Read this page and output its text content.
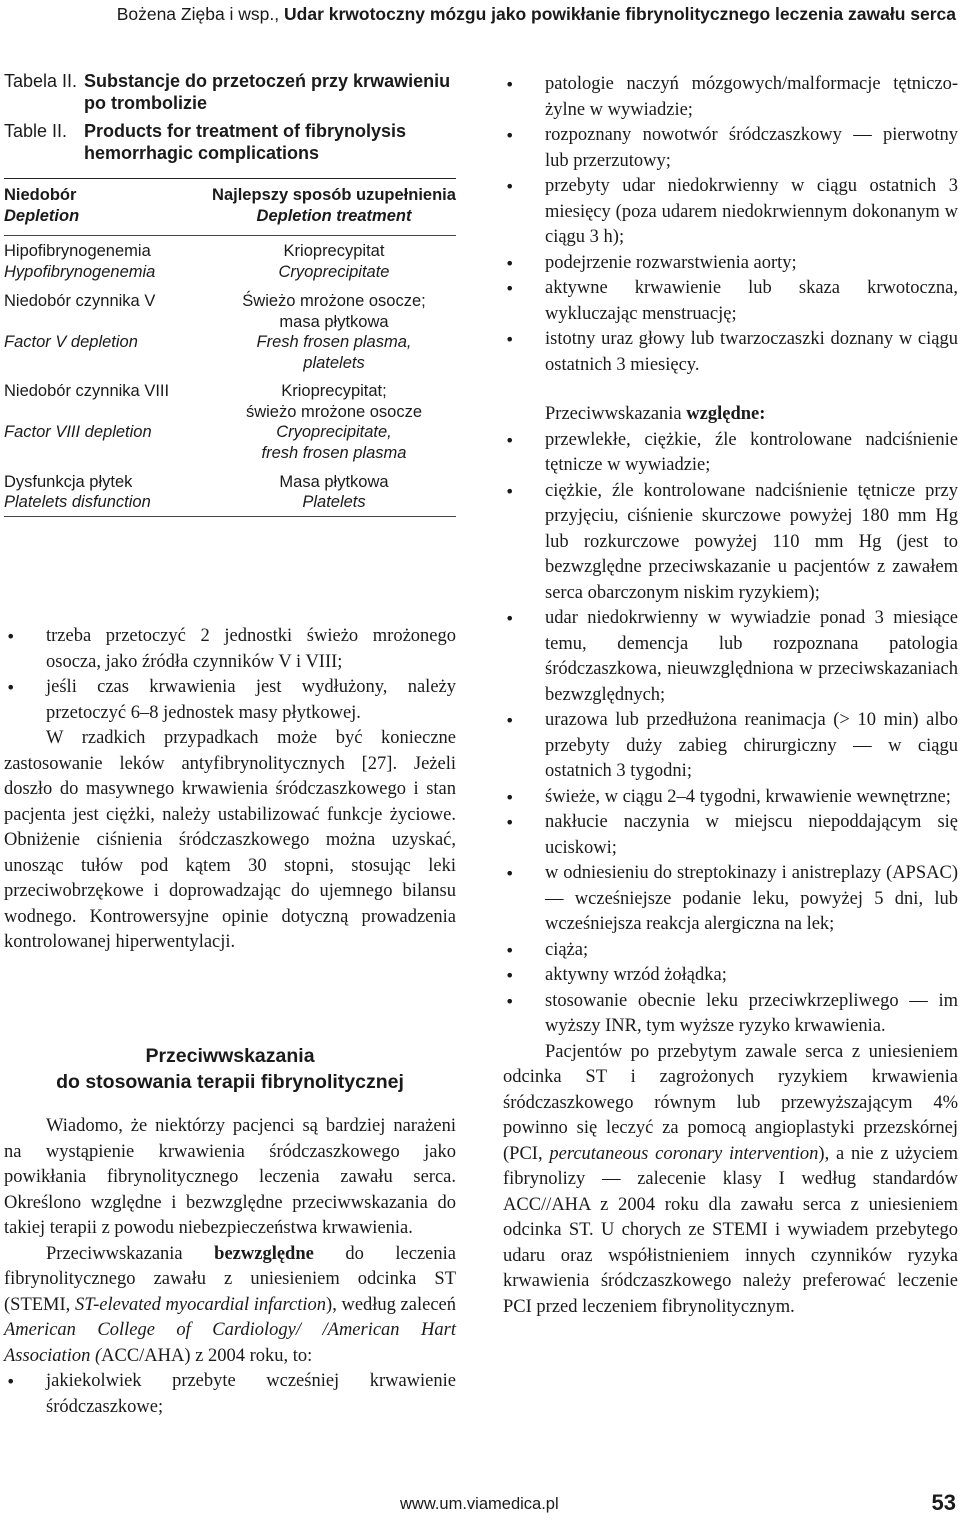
Bożena Zięba i wsp., Udar krwotoczny mózgu jako powikłanie fibrynolitycznego leczenia zawału serca
Tabela II. Substancje do przetoczeń przy krwawieniu po trombolizie
Table II. Products for treatment of fibrynolysis hemorrhagic complications
Niedobór
Depletion
Najlepszy sposób uzupełnienia
Depletion treatment
Hipofibrynogenemia
Hypofibrynogenemia
Krioprecypitat
Cryoprecipitate
Niedobór czynnika V
Factor V depletion
Świeżo mrożone osocze;
masa płytkowa
Fresh frosen plasma,
platelets
Niedobór czynnika VIII
Factor VIII depletion
Krioprecypitat;
świeżo mrożone osocze
Cryoprecipitate,
fresh frosen plasma
Dysfunkcja płytek
Platelets disfunction
Masa płytkowa
Platelets
• trzeba przetoczyć 2 jednostki świeżo mrożonego osocza, jako źródła czynników V i VIII;
• jeśli czas krwawienia jest wydłużony, należy przetoczyć 6–8 jednostek masy płytkowej.

W rzadkich przypadkach może być konieczne zastosowanie leków antyfibrynolitycznych [27]. Jeżeli doszło do masywnego krwawienia śródczaszkowego i stan pacjenta jest ciężki, należy ustabilizować funkcje życiowe. Obniżenie ciśnienia śródczaszkowego można uzyskać, unosząc tułów pod kątem 30 stopni, stosując leki przeciwobrzękowe i doprowadzając do ujemnego bilansu wodnego. Kontrowersyjne opinie dotyczną prowadzenia kontrolowanej hiperwentylacji.

Przeciwwskazania
do stosowania terapii fibrynolitycznej

Wiadomo, że niektórzy pacjenci są bardziej narażeni na wystąpienie krwawienia śródczaszkowego jako powikłania fibrynolitycznego leczenia zawału serca. Określono względne i bezwzględne przeciwwskazania do takiej terapii z powodu niebezpieczeństwa krwawienia.

Przeciwwskazania bezwzględne do leczenia fibrynolitycznego zawału z uniesieniem odcinka ST (STEMI, ST-elevated myocardial infarction), według zaleceń American College of Cardiology/ /American Hart Association (ACC/AHA) z 2004 roku, to:

• jakiekolwiek przebyte wcześniej krwawienie śródczaszkowe;
• patologie naczyń mózgowych/malformacje tętniczo-żylne w wywiadzie;
• rozpoznany nowotwór śródczaszkowy — pierwotny lub przerzutowy;
• przebyty udar niedokrwienny w ciągu ostatnich 3 miesięcy (poza udarem niedokrwiennym dokonanym w ciągu 3 h);
• podejrzenie rozwarstwienia aorty;
• aktywne krwawienie lub skaza krwotoczna, wykluczając menstruację;
• istotny uraz głowy lub twarzoczaszki doznany w ciągu ostatnich 3 miesięcy.

Przeciwwskazania względne:

• przewlekłe, ciężkie, źle kontrolowane nadciśnienie tętnicze w wywiadzie;
• ciężkie, źle kontrolowane nadciśnienie tętnicze przy przyjęciu, ciśnienie skurczowe powyżej 180 mm Hg lub rozkurczowe powyżej 110 mm Hg (jest to bezwzględne przeciwskazanie u pacjentów z zawałem serca obarczonym niskim ryzykiem);
• udar niedokrwienny w wywiadzie ponad 3 miesiące temu, demencja lub rozpoznana patologia śródczaszkowa, nieuwzględniona w przeciwskazaniach bezwzględnych;
• urazowa lub przedłużona reanimacja (> 10 min) albo przebyty duży zabieg chirurgiczny — w ciągu ostatnich 3 tygodni;
• świeże, w ciągu 2–4 tygodni, krwawienie wewnętrzne;
• nakłucie naczynia w miejscu niepoddającym się uciskowi;
• w odniesieniu do streptokinazy i anistreplazy (APSAC) — wcześniejsze podanie leku, powyżej 5 dni, lub wcześniejsza reakcja alergiczna na lek;
• ciąża;
• aktywny wrzód żołądka;
• stosowanie obecnie leku przeciwkrzepliwego — im wyższy INR, tym wyższe ryzyko krwawienia.

Pacjentów po przebytym zawale serca z uniesieniem odcinka ST i zagrożonych ryzykiem krwawienia śródczaszkowego równym lub przewyższającym 4% powinno się leczyć za pomocą angioplastyki przezskórnej (PCI, percutaneous coronary intervention), a nie z użyciem fibrynolizy — zalecenie klasy I według standardów ACC//AHA z 2004 roku dla zawału serca z uniesieniem odcinka ST. U chorych ze STEMI i wywiadem przebytego udaru oraz współistnieniem innych czynników ryzyka krwawienia śródczaszkowego należy preferować leczenie PCI przed leczeniem fibrynolitycznym.

www.um.viamedica.pl	53
